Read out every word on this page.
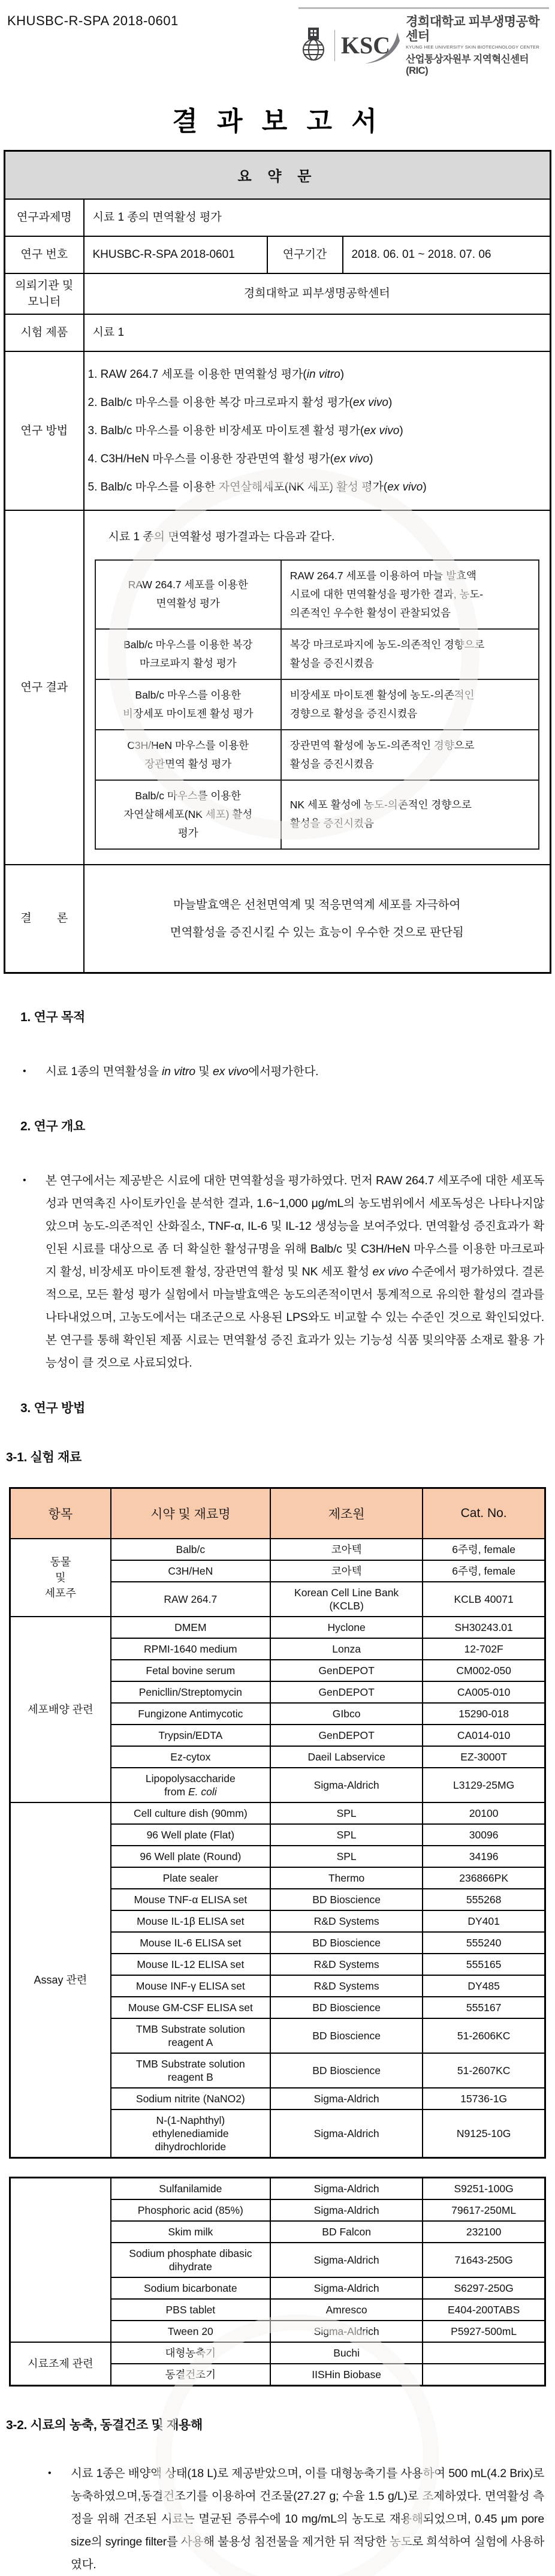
KHUSBC-R-SPA 2018-0601
KSC
경희대학교 피부생명공학센터
KYUNG HEE UNIVERSITY SKIN BIOTECHNOLOGY CENTER
산업통상자원부 지역혁신센터(RIC)
결 과 보 고 서
요 약 문
연구과제명	시료 1 종의 면역활성 평가
연구 번호	KHUSBC-R-SPA 2018-0601	연구기간	2018. 06. 01 ~ 2018. 07. 06
의뢰기관 및
모니터	경희대학교 피부생명공학센터
시험 제품	시료 1
연구 방법	
1. RAW 264.7 세포를 이용한 면역활성 평가(in vitro)
2. Balb/c 마우스를 이용한 복강 마크로파지 활성 평가(ex vivo)
3. Balb/c 마우스를 이용한 비장세포 마이토젠 활성 평가(ex vivo)
4. C3H/HeN 마우스를 이용한 장관면역 활성 평가(ex vivo)
5. Balb/c 마우스를 이용한 자연살해세포(NK 세포) 활성 평가(ex vivo)

연구 결과	
시료 1 종의 면역활성 평가결과는 다음과 같다.
RAW 264.7 세포를 이용한
면역활성 평가	RAW 264.7 세포를 이용하여 마늘 발효액
시료에 대한 면역활성을 평가한 결과, 농도-
의존적인 우수한 활성이 관찰되었음
Balb/c 마우스를 이용한 복강
마크로파지 활성 평가	복강 마크로파지에 농도-의존적인 경향으로
활성을 증진시켰음
Balb/c 마우스를 이용한
비장세포 마이토젠 활성 평가	비장세포 마이토젠 활성에 농도-의존적인
경향으로 활성을 증진시켰음
C3H/HeN 마우스를 이용한
장관면역 활성 평가	장관면역 활성에 농도-의존적인 경향으로
활성을 증진시켰음
Balb/c 마우스를 이용한
자연살해세포(NK 세포) 활성
평가	NK 세포 활성에 농도-의존적인 경향으로
활성을 증진시켰음

결        론	
마늘발효액은 선천면역계 및 적응면역계 세포를 자극하여
면역활성을 증진시킬 수 있는 효능이 우수한 것으로 판단됨
1. 연구 목적
•	시료 1종의 면역활성을 in vitro 및 ex vivo에서평가한다.
2. 연구 개요
•	본 연구에서는 제공받은 시료에 대한 면역활성을 평가하였다. 먼저 RAW 264.7 세포주에 대한 세포독성과 면역촉진 사이토카인을 분석한 결과, 1.6~1,000 μg/mL의 농도범위에서 세포독성은 나타나지않았으며 농도-의존적인 산화질소, TNF-α, IL-6 및 IL-12 생성능을 보여주었다. 면역활성 증진효과가 확인된 시료를 대상으로 좀 더 확실한 활성규명을 위해 Balb/c 및 C3H/HeN 마우스를 이용한 마크로파지 활성, 비장세포 마이토젠 활성, 장관면역 활성 및 NK 세포 활성 ex vivo 수준에서 평가하였다. 결론적으로, 모든 활성 평가 실험에서 마늘발효액은 농도의존적이면서 통계적으로 유의한 활성의 결과를 나타내었으며, 고농도에서는 대조군으로 사용된 LPS와도 비교할 수 있는 수준인 것으로 확인되었다. 본 연구를 통해 확인된 제품 시료는 면역활성 증진 효과가 있는 기능성 식품 및의약품 소재로 활용 가능성이 클 것으로 사료되었다.
3. 연구 방법
3-1. 실험 재료
항목	시약 및 재료명	제조원	Cat. No.
동물
및
세포주	Balb/c	코아텍	6주령, female
	C3H/HeN	코아텍	6주령, female
	RAW 264.7	Korean Cell Line Bank
(KCLB)	KCLB 40071
세포배양 관련	DMEM	Hyclone	SH30243.01
	RPMI-1640 medium	Lonza	12-702F
	Fetal bovine serum	GenDEPOT	CM002-050
	Penicllin/Streptomycin	GenDEPOT	CA005-010
	Fungizone Antimycotic	GIbco	15290-018
	Trypsin/EDTA	GenDEPOT	CA014-010
	Ez-cytox	Daeil Labservice	EZ-3000T
	Lipopolysaccharide
from E. coli	Sigma-Aldrich	L3129-25MG
Assay 관련	Cell culture dish (90mm)	SPL	20100
	96 Well plate (Flat)	SPL	30096
	96 Well plate (Round)	SPL	34196
	Plate sealer	Thermo	236866PK
	Mouse TNF-α ELISA set	BD Bioscience	555268
	Mouse IL-1β ELISA set	R&D Systems	DY401
	Mouse IL-6 ELISA set	BD Bioscience	555240
	Mouse IL-12 ELISA set	R&D Systems	555165
	Mouse INF-γ ELISA set	R&D Systems	DY485
	Mouse GM-CSF ELISA set	BD Bioscience	555167
	TMB Substrate solution
reagent A	BD Bioscience	51-2606KC
	TMB Substrate solution
reagent B	BD Bioscience	51-2607KC
	Sodium nitrite (NaNO2)	Sigma-Aldrich	15736-1G
	N-(1-Naphthyl)
ethylenediamide
dihydrochloride	Sigma-Aldrich	N9125-10G
	Sulfanilamide	Sigma-Aldrich	S9251-100G
	Phosphoric acid (85%)	Sigma-Aldrich	79617-250ML
	Skim milk	BD Falcon	232100
	Sodium phosphate dibasic
dihydrate	Sigma-Aldrich	71643-250G
	Sodium bicarbonate	Sigma-Aldrich	S6297-250G
	PBS tablet	Amresco	E404-200TABS
	Tween 20	Sigma-Aldrich	P5927-500mL
시료조제 관련	대형농축기	Buchi	
	동결건조기	IISHin Biobase	
3-2. 시료의 농축, 동결건조 및 재용해
•	시료 1종은 배양액 상태(18 L)로 제공받았으며, 이를 대형농축기를 사용하여 500 mL(4.2 Brix)로 농축하였으며,동결건조기를 이용하여 건조물(27.27 g; 수율 1.5 g/L)로 조제하였다. 면역활성 측정을 위해 건조된 시료는 멸균된 증류수에 10 mg/mL의 농도로 재용해되었으며, 0.45 μm pore size의 syringe filter를 사용해 불용성 침전물을 제거한 뒤 적당한 농도로 희석하여 실험에 사용하였다.
